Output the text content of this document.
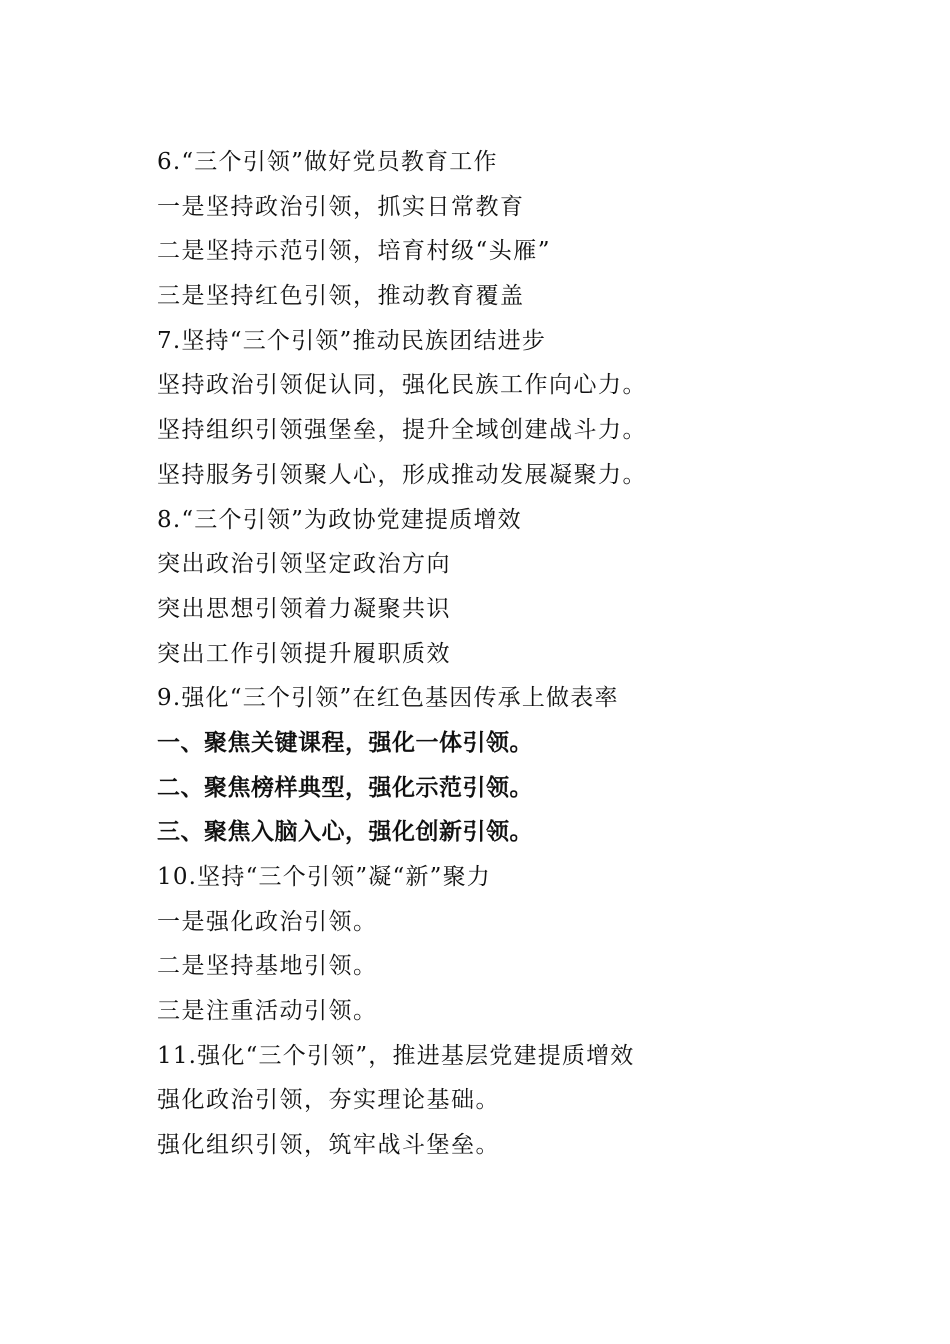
6.“三个引领”做好党员教育工作
一是坚持政治引领，抓实日常教育
二是坚持示范引领，培育村级“头雁”
三是坚持红色引领，推动教育覆盖
7.坚持“三个引领”推动民族团结进步
坚持政治引领促认同，强化民族工作向心力。
坚持组织引领强堡垒，提升全域创建战斗力。
坚持服务引领聚人心，形成推动发展凝聚力。
8.“三个引领”为政协党建提质增效
突出政治引领坚定政治方向
突出思想引领着力凝聚共识
突出工作引领提升履职质效
9.强化“三个引领”在红色基因传承上做表率
一、聚焦关键课程，强化一体引领。
二、聚焦榜样典型，强化示范引领。
三、聚焦入脑入心，强化创新引领。
10.坚持“三个引领”凝“新”聚力
一是强化政治引领。
二是坚持基地引领。
三是注重活动引领。
11.强化“三个引领”，推进基层党建提质增效
强化政治引领，夯实理论基础。
强化组织引领，筑牢战斗堡垒。
